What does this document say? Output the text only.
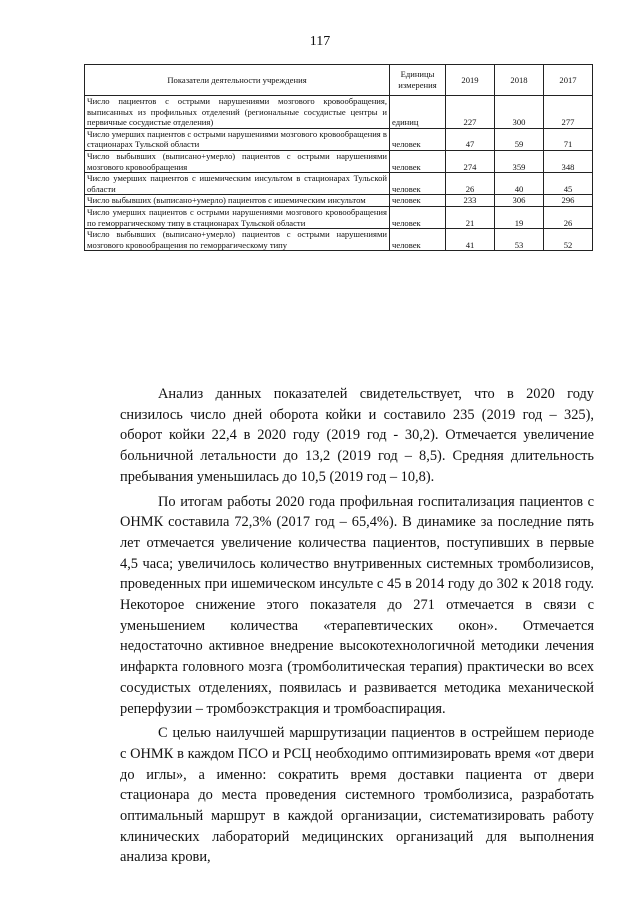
117
Показатели деятельности учреждения	Единицы измерения	2019	2018	2017
Число пациентов с острыми нарушениями мозгового кровообращения, выписанных из профильных отделений (региональные сосудистые центры и первичные сосудистые отделения)	единиц	227	300	277
Число умерших пациентов с острыми нарушениями мозгового кровообращения в стационарах Тульской области	человек	47	59	71
Число выбывших (выписано+умерло) пациентов с острыми нарушениями мозгового кровообращения	человек	274	359	348
Число умерших пациентов с ишемическим инсультом в стационарах Тульской области	человек	26	40	45
Число выбывших (выписано+умерло) пациентов с ишемическим инсультом	человек	233	306	296
Число умерших пациентов с острыми нарушениями мозгового кровообращения по геморрагическому типу в стационарах Тульской области	человек	21	19	26
Число выбывших (выписано+умерло) пациентов с острыми нарушениями мозгового кровообращения по геморрагическому типу	человек	41	53	52

Анализ данных показателей свидетельствует, что в 2020 году снизилось число дней оборота койки и составило 235 (2019 год – 325), оборот койки 22,4 в 2020 году (2019 год - 30,2). Отмечается увеличение больничной летальности до 13,2 (2019 год – 8,5). Средняя длительность пребывания уменьшилась до 10,5 (2019 год – 10,8).

По итогам работы 2020 года профильная госпитализация пациентов с ОНМК составила 72,3% (2017 год – 65,4%). В динамике за последние пять лет отмечается увеличение количества пациентов, поступивших в первые 4,5 часа; увеличилось количество внутривенных системных тромболизисов, проведенных при ишемическом инсульте с 45 в 2014 году до 302 к 2018 году. Некоторое снижение этого показателя до 271 отмечается в связи с уменьшением количества «терапевтических окон». Отмечается недостаточно активное внедрение высокотехнологичной методики лечения инфаркта головного мозга (тромболитическая терапия) практически во всех сосудистых отделениях, появилась и развивается методика механической реперфузии – тромбоэкстракция и тромбоаспирация.

С целью наилучшей маршрутизации пациентов в острейшем периоде с ОНМК в каждом ПСО и РСЦ необходимо оптимизировать время «от двери до иглы», а именно: сократить время доставки пациента от двери стационара до места проведения системного тромболизиса, разработать оптимальный маршрут в каждой организации, систематизировать работу клинических лабораторий медицинских организаций для выполнения анализа крови,
